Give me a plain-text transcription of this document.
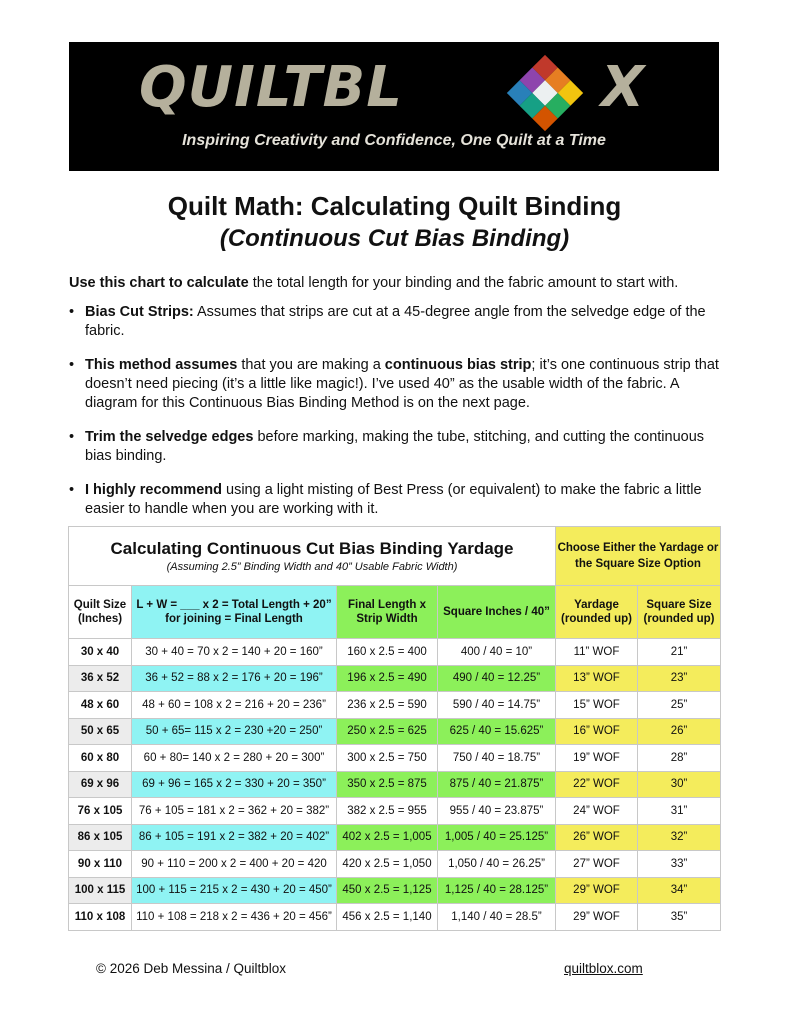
QUILTBL	X
Inspiring Creativity and Confidence, One Quilt at a Time
Quilt Math: Calculating Quilt Binding
(Continuous Cut Bias Binding)
Use this chart to calculate the total length for your binding and the fabric amount to start with.
• Bias Cut Strips: Assumes that strips are cut at a 45-degree angle from the selvedge edge of the fabric.
• This method assumes that you are making a continuous bias strip; it’s one continuous strip that doesn’t need piecing (it’s a little like magic!). I’ve used 40” as the usable width of the fabric. A diagram for this Continuous Bias Binding Method is on the next page.
• Trim the selvedge edges before marking, making the tube, stitching, and cutting the continuous bias binding.
• I highly recommend using a light misting of Best Press (or equivalent) to make the fabric a little easier to handle when you are working with it.
Calculating Continuous Cut Bias Binding Yardage
(Assuming 2.5” Binding Width and 40” Usable Fabric Width)				Choose Either the Yardage or the Square Size Option	
Quilt Size (Inches)	L + W = ___ x 2 = Total Length + 20” for joining = Final Length	Final Length x Strip Width	Square Inches / 40”	Yardage (rounded up)	Square Size (rounded up)
30 x 40	30 + 40 = 70 x 2 = 140 + 20 = 160”	160 x 2.5 = 400	400 / 40 = 10”	11” WOF	21”
36 x 52	36 + 52 = 88 x 2 = 176 + 20 = 196”	196 x 2.5 = 490	490 / 40 = 12.25”	13” WOF	23”
48 x 60	48 + 60 = 108 x 2 = 216 + 20 = 236”	236 x 2.5 = 590	590 / 40 = 14.75”	15” WOF	25”
50 x 65	50 + 65= 115 x 2 = 230 +20 = 250”	250 x 2.5 = 625	625 / 40 = 15.625”	16” WOF	26”
60 x 80	60 + 80= 140 x 2 = 280 + 20 = 300”	300 x 2.5 = 750	750 / 40 = 18.75”	19” WOF	28”
69 x 96	69 + 96 = 165 x 2 = 330 + 20 = 350”	350 x 2.5 = 875	875 / 40 = 21.875”	22” WOF	30”
76 x 105	76 + 105 = 181 x 2 = 362 + 20 = 382”	382 x 2.5 = 955	955 / 40 = 23.875”	24” WOF	31”
86 x 105	86 + 105 = 191 x 2 = 382 + 20 = 402”	402 x 2.5 = 1,005	1,005 / 40 = 25.125”	26” WOF	32”
90 x 110	90 + 110 = 200 x 2 = 400 + 20 = 420	420 x 2.5 = 1,050	1,050 / 40 = 26.25”	27” WOF	33”
100 x 115	100 + 115 = 215 x 2 = 430 + 20 = 450”	450 x 2.5 = 1,125	1,125 / 40 = 28.125”	29” WOF	34”
110 x 108	110 + 108 = 218 x 2 = 436 + 20 = 456”	456 x 2.5 = 1,140	1,140 / 40 = 28.5”	29” WOF	35”
© 2026 Deb Messina / Quiltblox	quiltblox.com
